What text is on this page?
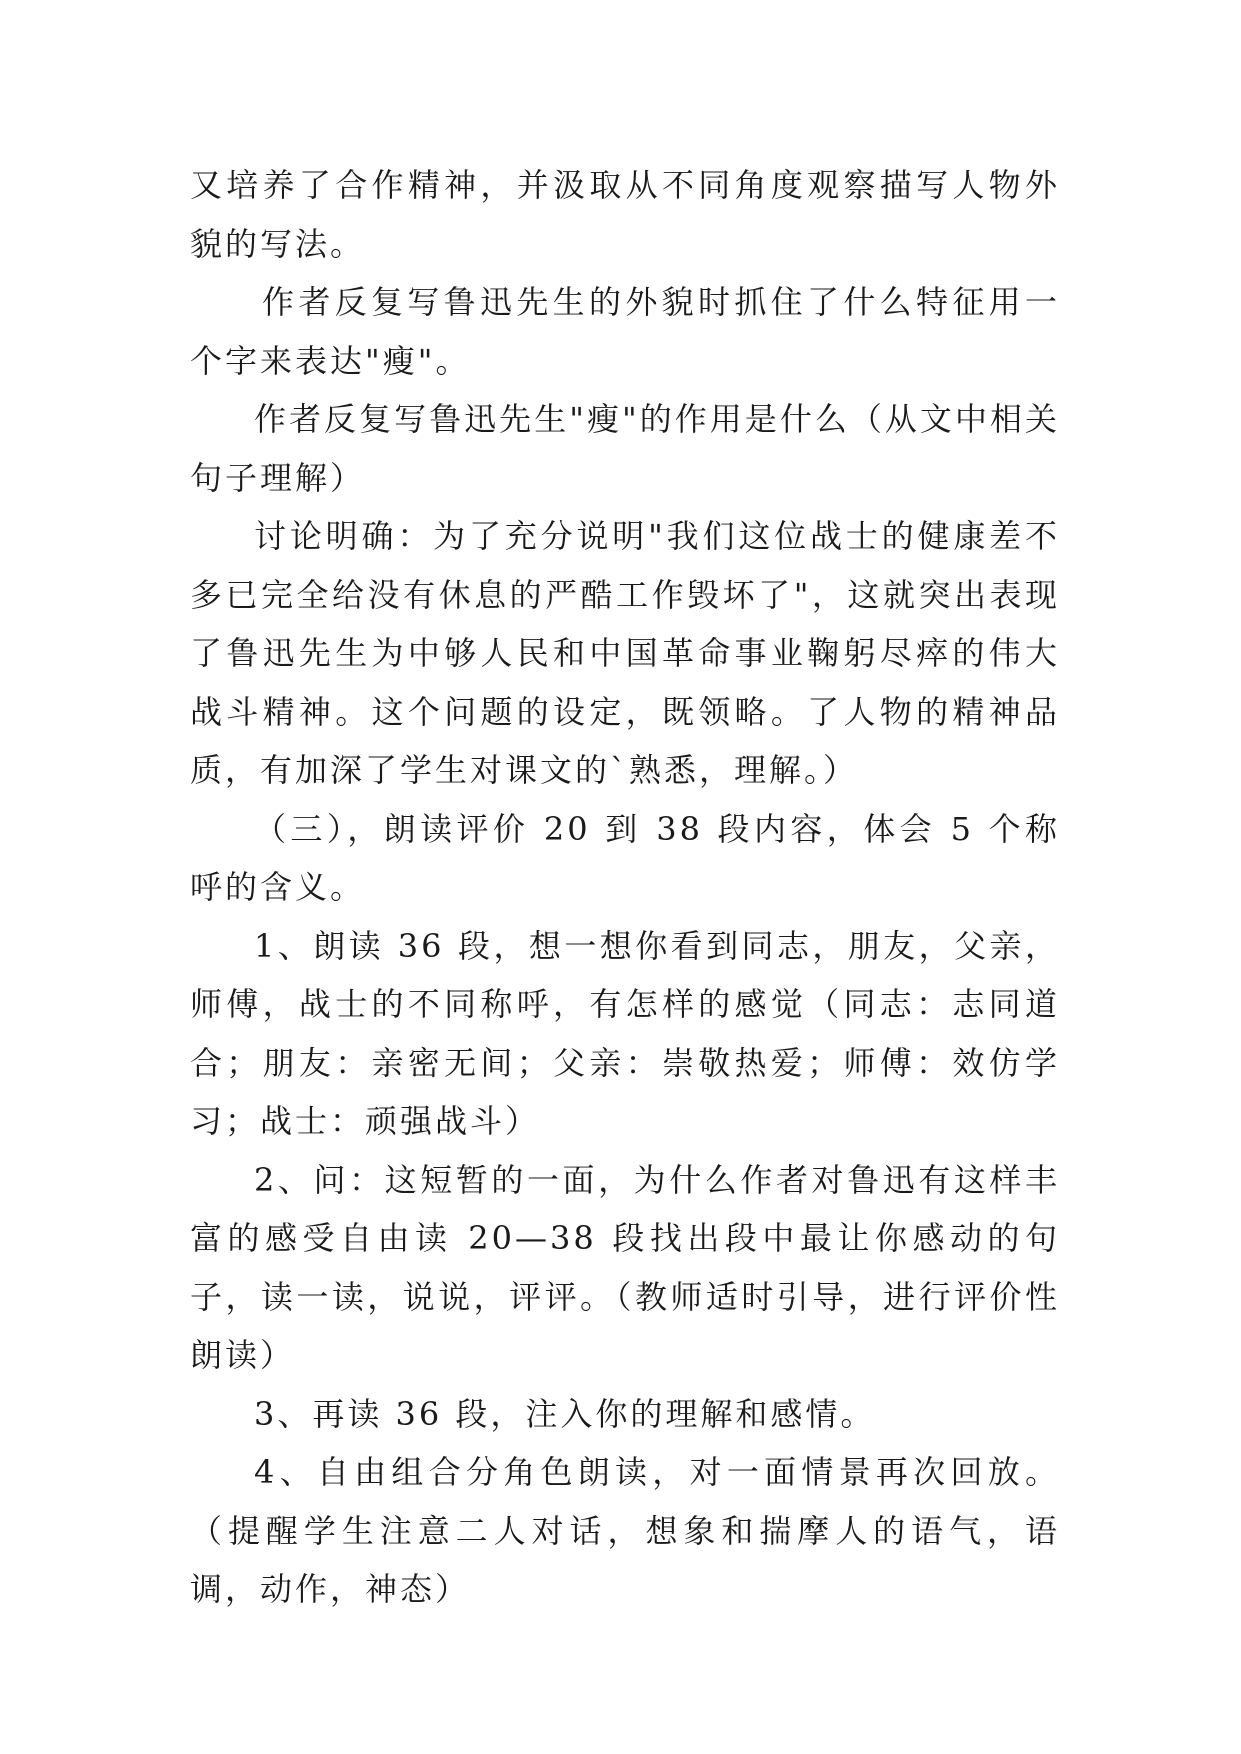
又培养了合作精神，并汲取从不同角度观察描写人物外貌的写法。

作者反复写鲁迅先生的外貌时抓住了什么特征用一个字来表达"瘦"。

作者反复写鲁迅先生"瘦"的作用是什么（从文中相关句子理解）

讨论明确：为了充分说明"我们这位战士的健康差不多已完全给没有休息的严酷工作毁坏了"，这就突出表现了鲁迅先生为中够人民和中国革命事业鞠躬尽瘁的伟大战斗精神。这个问题的设定，既领略。了人物的精神品质，有加深了学生对课文的`熟悉，理解。）

（三），朗读评价 20 到 38 段内容，体会 5 个称呼的含义。

1、朗读 36 段，想一想你看到同志，朋友，父亲，师傅，战士的不同称呼，有怎样的感觉（同志：志同道合；朋友：亲密无间；父亲：崇敬热爱；师傅：效仿学习；战士：顽强战斗）

2、问：这短暂的一面，为什么作者对鲁迅有这样丰富的感受自由读 20—38 段找出段中最让你感动的句子，读一读，说说，评评。（教师适时引导，进行评价性朗读）

3、再读 36 段，注入你的理解和感情。

4、自由组合分角色朗读，对一面情景再次回放。（提醒学生注意二人对话，想象和揣摩人的语气，语调，动作，神态）
